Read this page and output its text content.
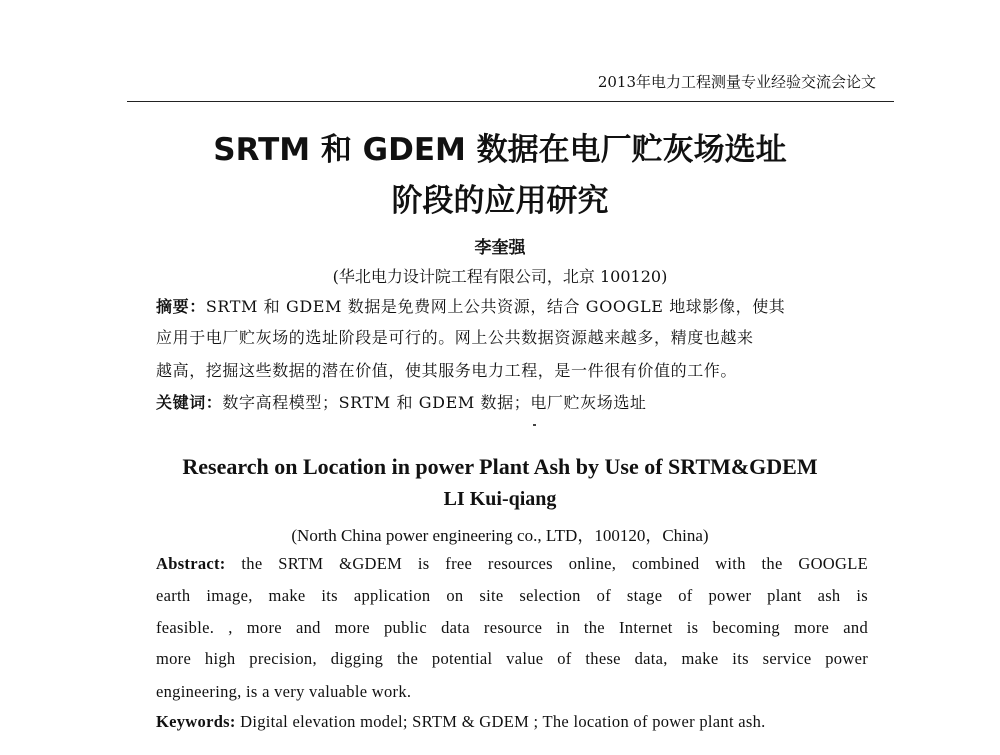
2013年电力工程测量专业经验交流会论文
SRTM 和 GDEM 数据在电厂贮灰场选址
阶段的应用研究
李奎强
(华北电力设计院工程有限公司，北京 100120)
摘要：SRTM 和 GDEM 数据是免费网上公共资源，结合 GOOGLE 地球影像，使其
应用于电厂贮灰场的选址阶段是可行的。网上公共数据资源越来越多，精度也越来
越高，挖掘这些数据的潜在价值，使其服务电力工程，是一件很有价值的工作。
关键词：数字高程模型；SRTM 和 GDEM 数据；电厂贮灰场选址
Research on Location in power Plant Ash by Use of SRTM&GDEM
LI Kui-qiang
(North China power engineering co., LTD，100120，China)
Abstract: the SRTM &GDEM is free resources online, combined with the GOOGLE
earth image, make its application on site selection of stage of power plant ash is
feasible. , more and more public data resource in the Internet is becoming more and
more high precision, digging the potential value of these data, make its service power
engineering, is a very valuable work.
Keywords: Digital elevation model; SRTM & GDEM ; The location of power plant ash.
